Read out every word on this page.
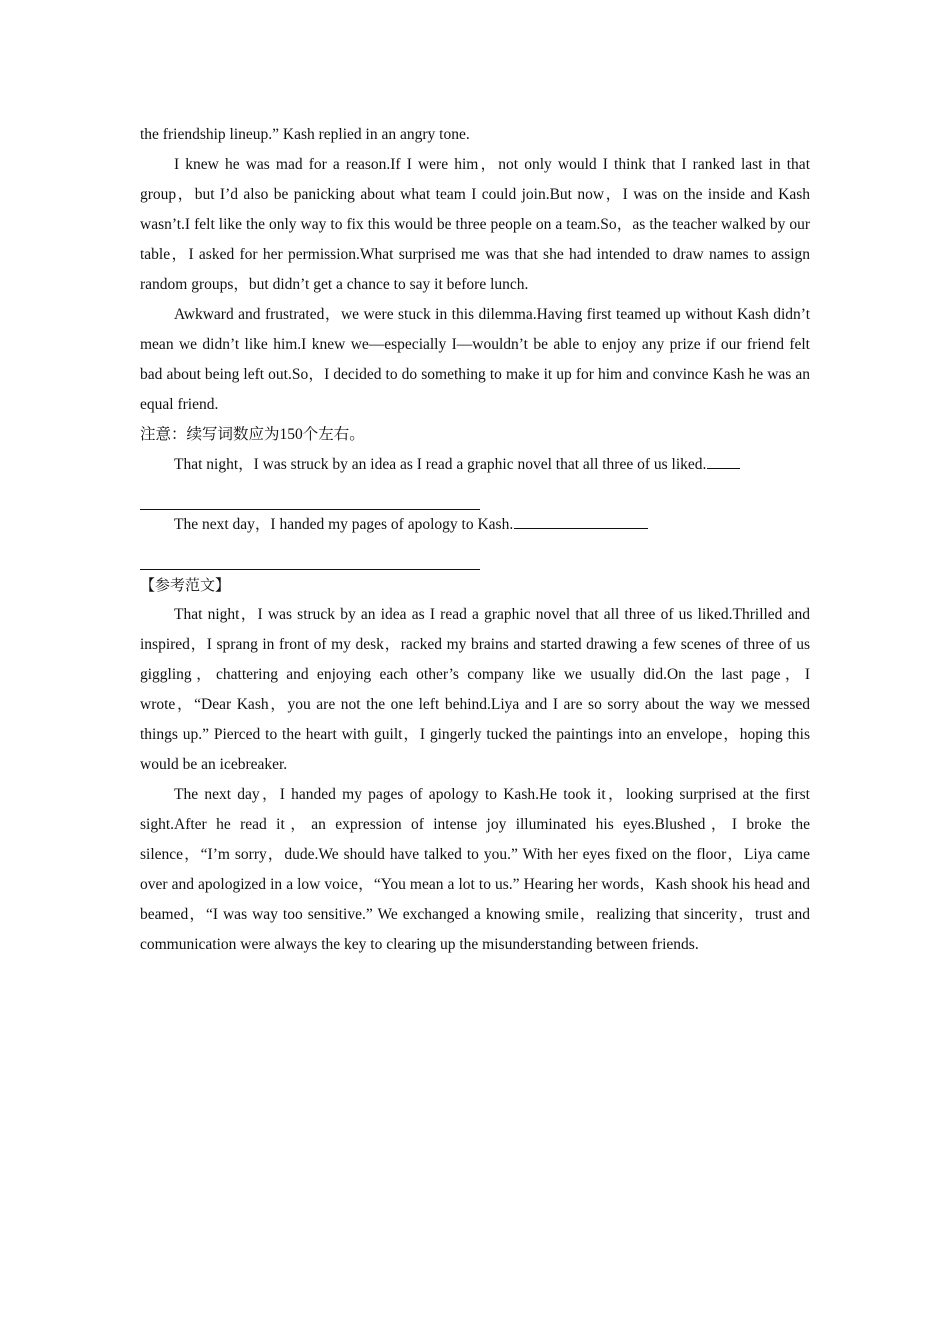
the friendship lineup.” Kash replied in an angry tone.

I knew he was mad for a reason.If I were him，not only would I think that I ranked last in that group，but I’d also be panicking about what team I could join.But now，I was on the inside and Kash wasn’t.I felt like the only way to fix this would be three people on a team.So，as the teacher walked by our table，I asked for her permission.What surprised me was that she had intended to draw names to assign random groups，but didn’t get a chance to say it before lunch.

Awkward and frustrated，we were stuck in this dilemma.Having first teamed up without Kash didn’t mean we didn’t like him.I knew we—especially I—wouldn’t be able to enjoy any prize if our friend felt bad about being left out.So，I decided to do something to make it up for him and convince Kash he was an equal friend.

注意：续写词数应为150个左右。

That night，I was struck by an idea as I read a graphic novel that all three of us liked.

The next day，I handed my pages of apology to Kash.

【参考范文】

That night，I was struck by an idea as I read a graphic novel that all three of us liked.Thrilled and inspired，I sprang in front of my desk，racked my brains and started drawing a few scenes of three of us giggling，chattering and enjoying each other’s company like we usually did.On the last page，I wrote，“Dear Kash，you are not the one left behind.Liya and I are so sorry about the way we messed things up.” Pierced to the heart with guilt，I gingerly tucked the paintings into an envelope，hoping this would be an icebreaker.

The next day，I handed my pages of apology to Kash.He took it，looking surprised at the first sight.After he read it，an expression of intense joy illuminated his eyes.Blushed，I broke the silence，“I’m sorry，dude.We should have talked to you.” With her eyes fixed on the floor，Liya came over and apologized in a low voice，“You mean a lot to us.” Hearing her words，Kash shook his head and beamed，“I was way too sensitive.” We exchanged a knowing smile，realizing that sincerity，trust and communication were always the key to clearing up the misunderstanding between friends.
